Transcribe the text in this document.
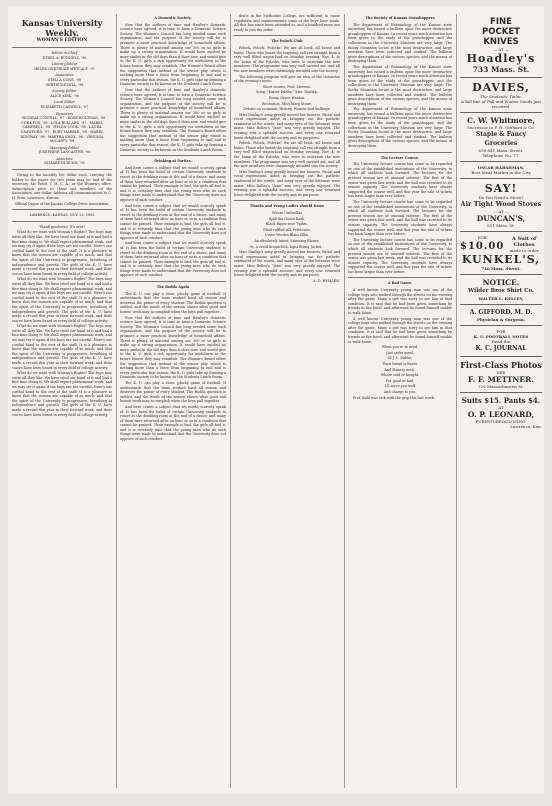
Kansas University Weekly.
WOMAN'S EDITION

Editor-in-Chief

ETHEL A. BUNNELL, '96

Literary Editor

HELEN GERTRUDE METCALF, '97

Associates

STELLA CONE, '98

GERTRUDE HILL, '98

Society Editor

ALICE KIRK, '96

Local Editor

ELIZABETH CASWELL, '97

Reporters

GEORGIA COWGILL, '97 · ROSE WOLTMAN, '98 · CORA FOX, '96 · LOLA BULLARD, '97 · MABEL CAMPBELL, '98 · HELEN COOK, '98 · LAURA CRAWFORD, '97 · RUBY MARBLE, '98 · MABEL RIDGWAY, '98 · MARTHA KNOX, '98 · VIRGINIA McCARTY, '98

Managing Editor

JOSEPHINE LANCASTER, '96

Associate

ELIZABETH BUNN, '99

Owing to the monthly fee dollar each, carrying the holder to the paper for two years may be had of the secretary. Mr. Reed, Y. M. C. A., or the Women's office. Subscription price to those not members of the Association, one dollar. Address all communications to C. H. Ross, Lawrence, Kansas.

Official Organ of the Kansas College Press Association.

LAWRENCE, KANSAS, NOV. 22, 1895

Thank goodness! It's over!

What do we want with Woman's Rights? The boys may write all they like. We have tried our hand at it and had a fine time doing it. We shall expect phenomenal work, and we may try it again if the boys are not careful. Here's our cordial hand to the rest of the staff. It is a pleasure to know that the women are capable of so much, and that the spirit of the University is progressive, breathing of independence and growth. The girls of the K. U. have made a record this year in their forward work, and their voices have been heard in every field of college activity.

What do we want with Woman's Rights? The boys may write all they like. We have tried our hand at it and had a fine time doing it. We shall expect phenomenal work, and we may try it again if the boys are not careful. Here's our cordial hand to the rest of the staff. It is a pleasure to know that the women are capable of so much, and that the spirit of the University is progressive, breathing of independence and growth. The girls of the K. U. have made a record this year in their forward work, and their voices have been heard in every field of college activity.

What do we want with Woman's Rights? The boys may write all they like. We have tried our hand at it and had a fine time doing it. We shall expect phenomenal work, and we may try it again if the boys are not careful. Here's our cordial hand to the rest of the staff. It is a pleasure to know that the women are capable of so much, and that the spirit of the University is progressive, breathing of independence and growth. The girls of the K. U. have made a record this year in their forward work, and their voices have been heard in every field of college activity.

What do we want with Woman's Rights? The boys may write all they like. We have tried our hand at it and had a fine time doing it. We shall expect phenomenal work, and we may try it again if the boys are not careful. Here's our cordial hand to the rest of the staff. It is a pleasure to know that the women are capable of so much, and that the spirit of the University is progressive, breathing of independence and growth. The girls of the K. U. have made a record this year in their forward work, and their voices have been heard in every field of college activity.

A Domestic Society.

Now that the authors of time and Hawley's domestic science have agreed, it is time to form a Domestic Science Society. The Woman's Council has long needed some such organization, and the purpose of the society will be to promote a more practical knowledge of household affairs. There is plenty of material among our 300 or so girls to make up a strong organization. It would have excited no more smiles in the old days than it does now, and would give to the K. U. girls a rich opportunity for usefulness in the future homes they may establish. The Woman's Board offers the suggestion that instead of the senior play which is nothing more than a farce from beginning to end and is every particular that reason, the K. U. girls take up forming a Domestic society to be known as the Students Lunch Room.

Now that the authors of time and Hawley's domestic science have agreed, it is time to form a Domestic Science Society. The Woman's Council has long needed some such organization, and the purpose of the society will be to promote a more practical knowledge of household affairs. There is plenty of material among our 300 or so girls to make up a strong organization. It would have excited no more smiles in the old days than it does now, and would give to the K. U. girls a rich opportunity for usefulness in the future homes they may establish. The Woman's Board offers the suggestion that instead of the senior play which is nothing more than a farce from beginning to end and is every particular that reason, the K. U. girls take up forming a Domestic society to be known as the Students Lunch Room.

Drinking at Parties.

And here comes a subject that we would scarcely speak of. It has been the habit of certain University students to resort to the drinking room at the end of a dance, and many of them have returned after an hour or so in a condition that cannot be praised. Their example is bad, the girls all feel it, and it is certainly time that the young men who do such things were made to understand that the University does not approve of such conduct.

And here comes a subject that we would scarcely speak of. It has been the habit of certain University students to resort to the drinking room at the end of a dance, and many of them have returned after an hour or so in a condition that cannot be praised. Their example is bad, the girls all feel it, and it is certainly time that the young men who do such things were made to understand that the University does not approve of such conduct.

And here comes a subject that we would scarcely speak of. It has been the habit of certain University students to resort to the drinking room at the end of a dance, and many of them have returned after an hour or so in a condition that cannot be praised. Their example is bad, the girls all feel it, and it is certainly time that the young men who do such things were made to understand that the University does not approve of such conduct.

The Rodda Again

The K. U. can play a close, plucky game of football. It understands that the team worked hard all season and deserves the praise of every student. The Rodda question is settled, and the result of the season shows what good and honest work may accomplish when the boys pull together.

Now that the authors of time and Hawley's domestic science have agreed, it is time to form a Domestic Science Society. The Woman's Council has long needed some such organization, and the purpose of the society will be to promote a more practical knowledge of household affairs. There is plenty of material among our 300 or so girls to make up a strong organization. It would have excited no more smiles in the old days than it does now, and would give to the K. U. girls a rich opportunity for usefulness in the future homes they may establish. The Woman's Board offers the suggestion that instead of the senior play which is nothing more than a farce from beginning to end and is every particular that reason, the K. U. girls take up forming a Domestic society to be known as the Students Lunch Room.

The K. U. can play a close, plucky game of football. It understands that the team worked hard all season and deserves the praise of every student. The Rodda question is settled, and the result of the season shows what good and honest work may accomplish when the boys pull together.

And here comes a subject that we would scarcely speak of. It has been the habit of certain University students to resort to the drinking room at the end of a dance, and many of them have returned after an hour or so in a condition that cannot be praised. Their example is bad, the girls all feel it, and it is certainly time that the young men who do such things were made to understand that the University does not approve of such conduct.

dents in the Methodist College, are sufficient to cause regulation and commensurate some of the boys have made. All this has since been attended to, and a hundred more are ready to join the order.

The Polock Club

Polock, Polock, Polocks! We are all book, all house and home. Those who heard the inspiring call ran straight from a very well filled wagon-load on Monday evening, Nov. 4, to the home of the Polocks, who were to entertain the new members. The programme was very well carried out, and all the new members were charmingly initiated into the society.

The following program will give an idea of the character of the evening's meet:

Short stories, Prof. Stevens.

Song, "Kaiser Edelin," Mrs. Dunlap.

Essay, Grace Heaton.

Recitation, Miss Mary Stone.

Debate on economic History, Women and Suffrage.

Miss Dunlap's song greatly moved her hearers. Facial and vocal expressions aided in bringing out the pathetic sentiment of the words, and many eyes of the listeners were moist. Miss Bolles's "Jane" was very greatly enjoyed. The evening was a splendid success, and every one returned home delighted with the society and its purposes.

Polock, Polock, Polocks! We are all book, all house and home. Those who heard the inspiring call ran straight from a very well filled wagon-load on Monday evening, Nov. 4, to the home of the Polocks, who were to entertain the new members. The programme was very well carried out, and all the new members were charmingly initiated into the society.

Miss Dunlap's song greatly moved her hearers. Facial and vocal expressions aided in bringing out the pathetic sentiment of the words, and many eyes of the listeners were moist. Miss Bolles's "Jane" was very greatly enjoyed. The evening was a splendid success, and every one returned home delighted with the society and its purposes.

Thanks and Young Ladies should Know

Where Umbrellas

Spill the Goose Bath,

Black Ripen-rose Tights,

Plaid ruffled silk Petticoats,

Cover Woolen Blain Silks,

An absolutely latest, Stunning Blouse,

Or, a vestil broadcloth, tight fitting Jacket...

Miss Dunlap's song greatly moved her hearers. Facial and vocal expressions aided in bringing out the pathetic sentiment of the words, and many eyes of the listeners were moist. Miss Bolles's "Jane" was very greatly enjoyed. The evening was a splendid success, and every one returned home delighted with the society and its purposes.

A. D. WHALEN.

The Society of Kansas Grasshoppers

The department of Entomology of the Kansas state university has issued a bulletin upon the more destructive grasshoppers of Kansas. In recent years much attention has been given to the study of the grasshopper, and the collections in the University Museum are very large. The Rocky Mountain locust is the most destructive, and large numbers have been collected and studied. The bulletin gives descriptions of the various species, and the means of destroying them.

The department of Entomology of the Kansas state university has issued a bulletin upon the more destructive grasshoppers of Kansas. In recent years much attention has been given to the study of the grasshopper, and the collections in the University Museum are very large. The Rocky Mountain locust is the most destructive, and large numbers have been collected and studied. The bulletin gives descriptions of the various species, and the means of destroying them.

The department of Entomology of the Kansas state university has issued a bulletin upon the more destructive grasshoppers of Kansas. In recent years much attention has been given to the study of the grasshopper, and the collections in the University Museum are very large. The Rocky Mountain locust is the most destructive, and large numbers have been collected and studied. The bulletin gives descriptions of the various species, and the means of destroying them.

The Lecture Course.

The University lecture course has come to be regarded as one of the established institutions of the University, to which all students look forward. The lectures for the present season are of unusual interest. The first of the series was given last week, and the hall was crowded to its utmost capacity. The University students have always supported the course well, and this year the sale of tickets has been larger than ever before.

The University lecture course has come to be regarded as one of the established institutions of the University, to which all students look forward. The lectures for the present season are of unusual interest. The first of the series was given last week, and the hall was crowded to its utmost capacity. The University students have always supported the course well, and this year the sale of tickets has been larger than ever before.

The University lecture course has come to be regarded as one of the established institutions of the University, to which all students look forward. The lectures for the present season are of unusual interest. The first of the series was given last week, and the hall was crowded to its utmost capacity. The University students have always supported the course well, and this year the sale of tickets has been larger than ever before.

A Bad Game.

A well known University young man was one of the college boys who walked through the streets on the evening after the game. Many a girl was sorry to see him in that condition. It is said that he had been given something by friends at the hotel, and afterward he found himself unable to walk home.

A well known University young man was one of the college boys who walked through the streets on the evening after the game. Many a girl was sorry to see him in that condition. It is said that he had been given something by friends at the hotel, and afterward he found himself unable to walk home.

When you're in need,

Just order meal,

Of J. L. Dobbs,

Their bread is finest,

And flowery meal,

Where sold or bought,

For good or bad,

I'll serve you well

And charge to you.

Prof. Kahl was sick with the grip this last week.

FINE
POCKET
KNIVES
— AT —
Hoadley's
733 Mass. St.
DAVIES,
The Students' Tailor.
A full line of Fall and Winter Goods just received.
C. W. Whitmore,
Successor to F. H. Gerhard & Co.
Staple & Fancy Groceries
639-641 Mass. Street.
Telephone No. 77.
OSCAR HARSHMAN,
Best Meat Market in the City
SAY!
Do You Need a Stove?
Air Tight Wood Stoves
— AT —
DUNCAN'S,
811 Mass. St.
FOR
$10.00
A Suit of Clothes
made to order
KUNKEL'S,
740 Mass. Street.
NOTICE.
Wilder Bros Shirt Co.
WALTER L. KELLEY,
A. GIFFORD. M. D.
Physician & Surgeon.
FOR
K. U. FOOTBALL NOTES
Read the
K. C. JOURNAL
First-Class Photos
SEE
F. F. METTNER.
729 Massachusetts St.
Suits $15. Pants $4.
AT
O. P. LEONARD,
FURNITURE&CLOSING.
Lawrence, Kan.
